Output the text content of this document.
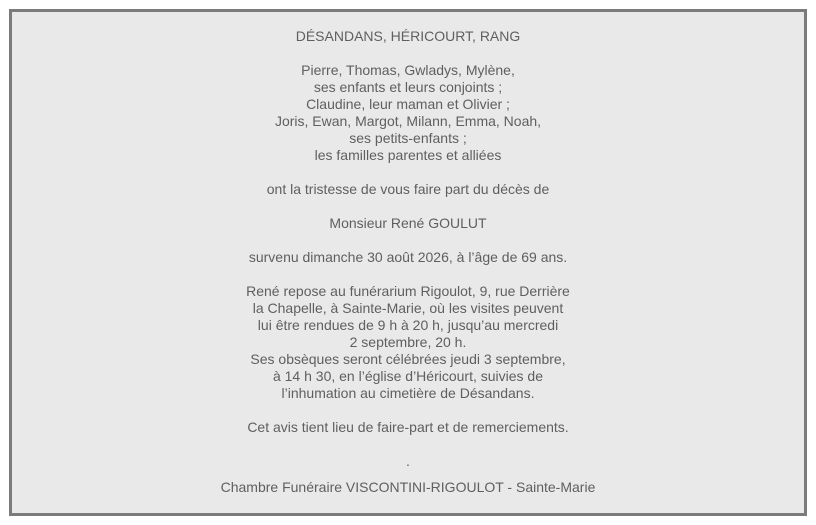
DÉSANDANS, HÉRICOURT, RANG
Pierre, Thomas, Gwladys, Mylène,
ses enfants et leurs conjoints ;
Claudine, leur maman et Olivier ;
Joris, Ewan, Margot, Milann, Emma, Noah,
ses petits-enfants ;
les familles parentes et alliées
ont la tristesse de vous faire part du décès de
Monsieur René GOULUT
survenu dimanche 30 août 2026, à l’âge de 69 ans.
René repose au funérarium Rigoulot, 9, rue Derrière
la Chapelle, à Sainte-Marie, où les visites peuvent
lui être rendues de 9 h à 20 h, jusqu’au mercredi
2 septembre, 20 h.
Ses obsèques seront célébrées jeudi 3 septembre,
à 14 h 30, en l’église d’Héricourt, suivies de
l’inhumation au cimetière de Désandans.
Cet avis tient lieu de faire-part et de remerciements.
.
Chambre Funéraire VISCONTINI-RIGOULOT - Sainte-Marie
